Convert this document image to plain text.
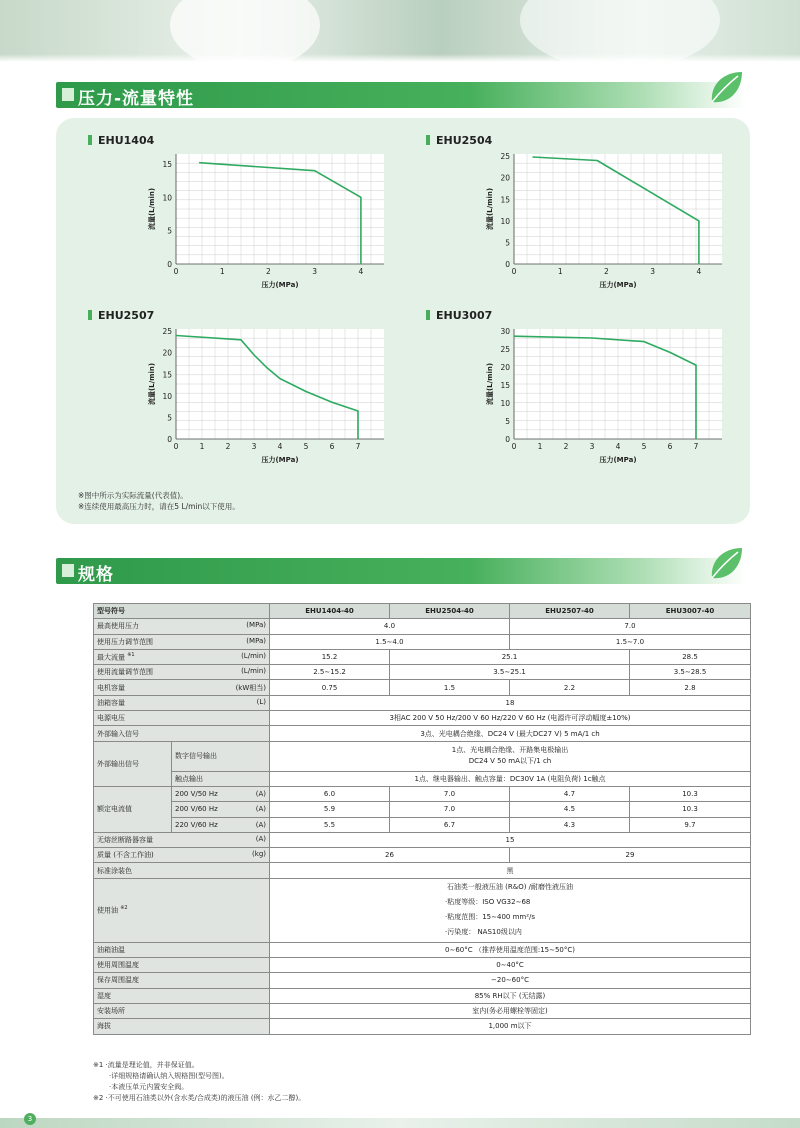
压力-流量特性
EHU1404
0	1	2	3	4
0
5
10
15
压力(MPa)
流量(L/min)
EHU2504
0	1	2	3	4
0
5
10
15
20
25
压力(MPa)
流量(L/min)
EHU2507
0	1	2	3	4	5	6	7
0
5
10
15
20
25
压力(MPa)
流量(L/min)
EHU3007
0	1	2	3	4	5	6	7
0
5
10
15
20
25
30
压力(MPa)
流量(L/min)
※图中所示为实际流量(代表值)。
※连续使用最高压力时，请在5 L/min以下使用。
规格
型号符号		EHU1404-40	EHU2504-40	EHU2507-40	EHU3007-40

最高使用压力 (MPa)		4.0		7.0	

使用压力调节范围 (MPa)		1.5∼4.0		1.5∼7.0	

最大流量 $^{※1}$ (L/min)		15.2	25.1		28.5

使用流量调节范围 (L/min)		2.5∼15.2	3.5∼25.1		3.5∼28.5

电机容量 (kW相当)		0.75	1.5	2.2	2.8

油箱容量 (L)		18			
电源电压		3相AC 200 V 50 Hz/200 V 60 Hz/220 V 60 Hz (电源许可浮动幅度±10%)			
外部输入信号		3点、光电耦合绝缘、DC24 V (最大DC27 V) 5 mA/1 ch			
外部输出信号	数字信号输出	1点、光电耦合绝缘、开路集电极输出
DC24 V 50 mA以下/1 ch			

	触点输出	1点、继电器输出、触点容量：DC30V 1A (电阻负荷) 1c触点			
额定电流值	200 V/50 Hz (A)	6.0	7.0	4.7	10.3

	200 V/60 Hz (A)	5.9	7.0	4.5	10.3

	220 V/60 Hz (A)	5.5	6.7	4.3	9.7

无熔丝断路器容量 (A)		15			

质量 (不含工作油) (kg)		26		29	
标准涂装色		黑			
使用油 $^{※2}$		石油类一般液压油 (R&O) /耐磨性液压油
·粘度等级：ISO VG32∼68
·粘度范围：15∼400 mm²/s
·污染度： NAS10级以内			

油箱油温		0∼60°C （推荐使用温度范围:15∼50°C)			
使用周围温度		0∼40°C			
保存周围温度		−20∼60°C			
湿度		85% RH以下 (无结露)			
安装场所		室内(务必用螺栓等固定)			
海拔		1,000 m以下			
※1 ·流量是理论值，并非保证值。
·详细规格请确认纳入规格图(型号图)。
·本液压单元内置安全阀。
※2 ·不可使用石油类以外(含水类/合成类)的液压油 (例：水乙二醇)。
3
